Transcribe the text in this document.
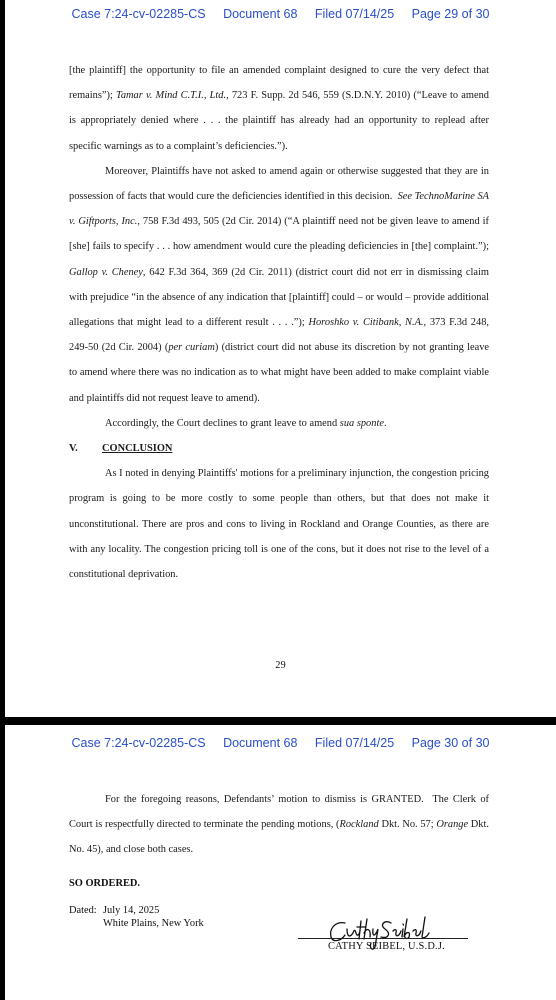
Case 7:24-cv-02285-CS Document 68 Filed 07/14/25 Page 29 of 30

[the plaintiff] the opportunity to file an amended complaint designed to cure the very defect that remains”); Tamar v. Mind C.T.I., Ltd., 723 F. Supp. 2d 546, 559 (S.D.N.Y. 2010) (“Leave to amend is appropriately denied where . . . the plaintiff has already had an opportunity to replead after specific warnings as to a complaint’s deficiencies.”).

Moreover, Plaintiffs have not asked to amend again or otherwise suggested that they are in possession of facts that would cure the deficiencies identified in this decision.  See TechnoMarine SA v. Giftports, Inc., 758 F.3d 493, 505 (2d Cir. 2014) (“A plaintiff need not be given leave to amend if [she] fails to specify . . . how amendment would cure the pleading deficiencies in [the] complaint.”); Gallop v. Cheney, 642 F.3d 364, 369 (2d Cir. 2011) (district court did not err in dismissing claim with prejudice “in the absence of any indication that [plaintiff] could – or would – provide additional allegations that might lead to a different result . . . .”); Horoshko v. Citibank, N.A., 373 F.3d 248, 249-50 (2d Cir. 2004) (per curiam) (district court did not abuse its discretion by not granting leave to amend where there was no indication as to what might have been added to make complaint viable and plaintiffs did not request leave to amend).

Accordingly, the Court declines to grant leave to amend sua sponte.

V. CONCLUSION

As I noted in denying Plaintiffs' motions for a preliminary injunction, the congestion pricing program is going to be more costly to some people than others, but that does not make it unconstitutional. There are pros and cons to living in Rockland and Orange Counties, as there are with any locality. The congestion pricing toll is one of the cons, but it does not rise to the level of a constitutional deprivation.

29
Case 7:24-cv-02285-CS Document 68 Filed 07/14/25 Page 30 of 30

For the foregoing reasons, Defendants’ motion to dismiss is GRANTED.  The Clerk of Court is respectfully directed to terminate the pending motions, (Rockland Dkt. No. 57; Orange Dkt. No. 45), and close both cases.

SO ORDERED.
Dated: July 14, 2025
White Plains, New York
CATHY SEIBEL, U.S.D.J.
